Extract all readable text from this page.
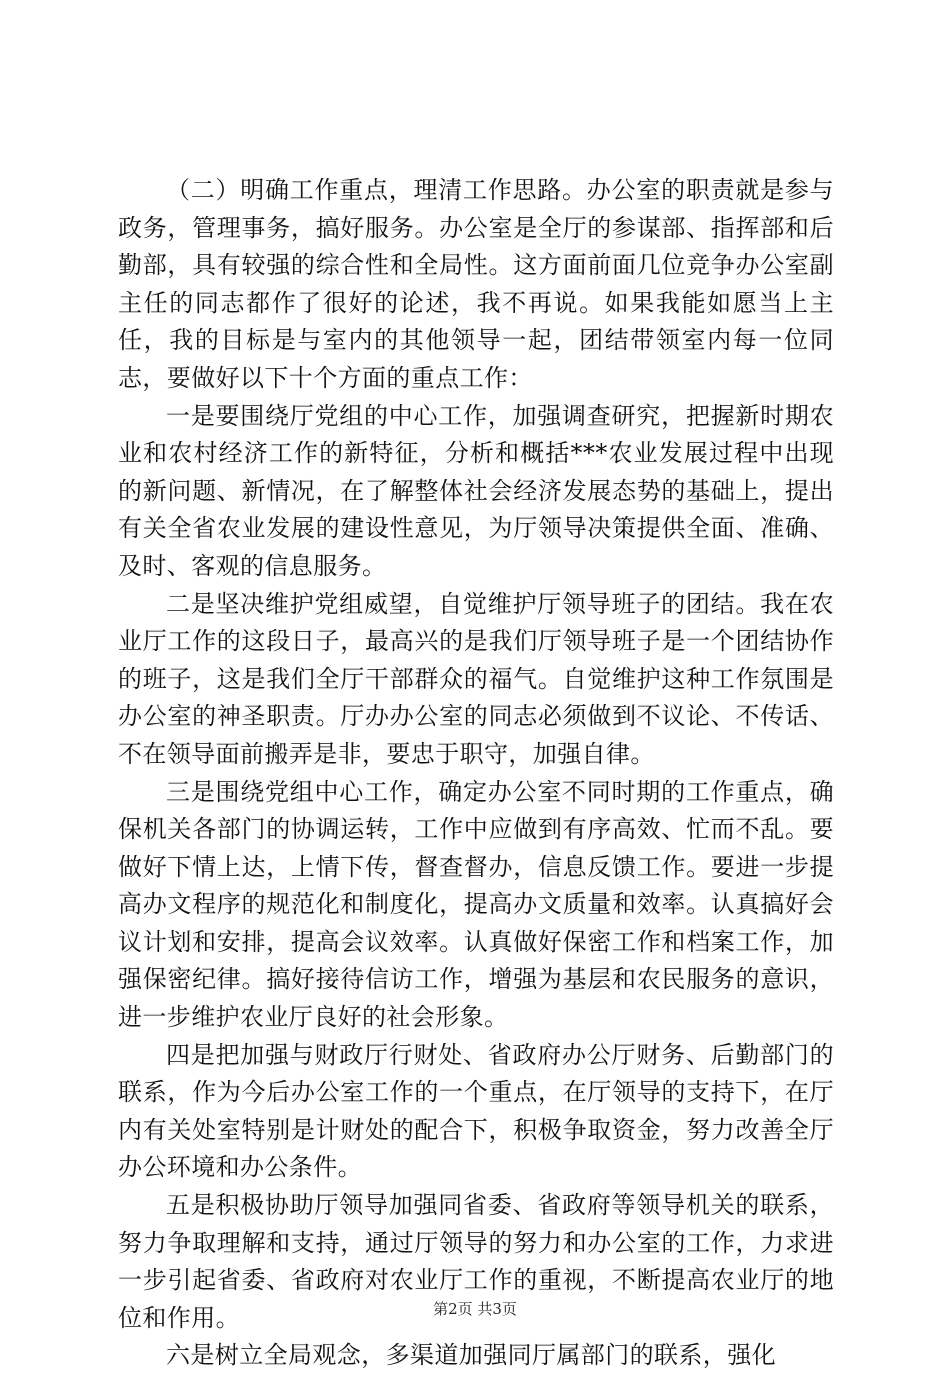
（二）明确工作重点，理清工作思路。办公室的职责就是参与政务，管理事务，搞好服务。办公室是全厅的参谋部、指挥部和后勤部，具有较强的综合性和全局性。这方面前面几位竞争办公室副主任的同志都作了很好的论述，我不再说。如果我能如愿当上主任，我的目标是与室内的其他领导一起，团结带领室内每一位同志，要做好以下十个方面的重点工作：

一是要围绕厅党组的中心工作，加强调查研究，把握新时期农业和农村经济工作的新特征，分析和概括***农业发展过程中出现的新问题、新情况，在了解整体社会经济发展态势的基础上，提出有关全省农业发展的建设性意见，为厅领导决策提供全面、准确、及时、客观的信息服务。

二是坚决维护党组威望，自觉维护厅领导班子的团结。我在农业厅工作的这段日子，最高兴的是我们厅领导班子是一个团结协作的班子，这是我们全厅干部群众的福气。自觉维护这种工作氛围是办公室的神圣职责。厅办办公室的同志必须做到不议论、不传话、不在领导面前搬弄是非，要忠于职守，加强自律。

三是围绕党组中心工作，确定办公室不同时期的工作重点，确保机关各部门的协调运转，工作中应做到有序高效、忙而不乱。要做好下情上达，上情下传，督查督办，信息反馈工作。要进一步提高办文程序的规范化和制度化，提高办文质量和效率。认真搞好会议计划和安排，提高会议效率。认真做好保密工作和档案工作，加强保密纪律。搞好接待信访工作，增强为基层和农民服务的意识，进一步维护农业厅良好的社会形象。

四是把加强与财政厅行财处、省政府办公厅财务、后勤部门的联系，作为今后办公室工作的一个重点，在厅领导的支持下，在厅内有关处室特别是计财处的配合下，积极争取资金，努力改善全厅办公环境和办公条件。

五是积极协助厅领导加强同省委、省政府等领导机关的联系，努力争取理解和支持，通过厅领导的努力和办公室的工作，力求进一步引起省委、省政府对农业厅工作的重视，不断提高农业厅的地位和作用。

六是树立全局观念，多渠道加强同厅属部门的联系，强化

第2页 共3页
